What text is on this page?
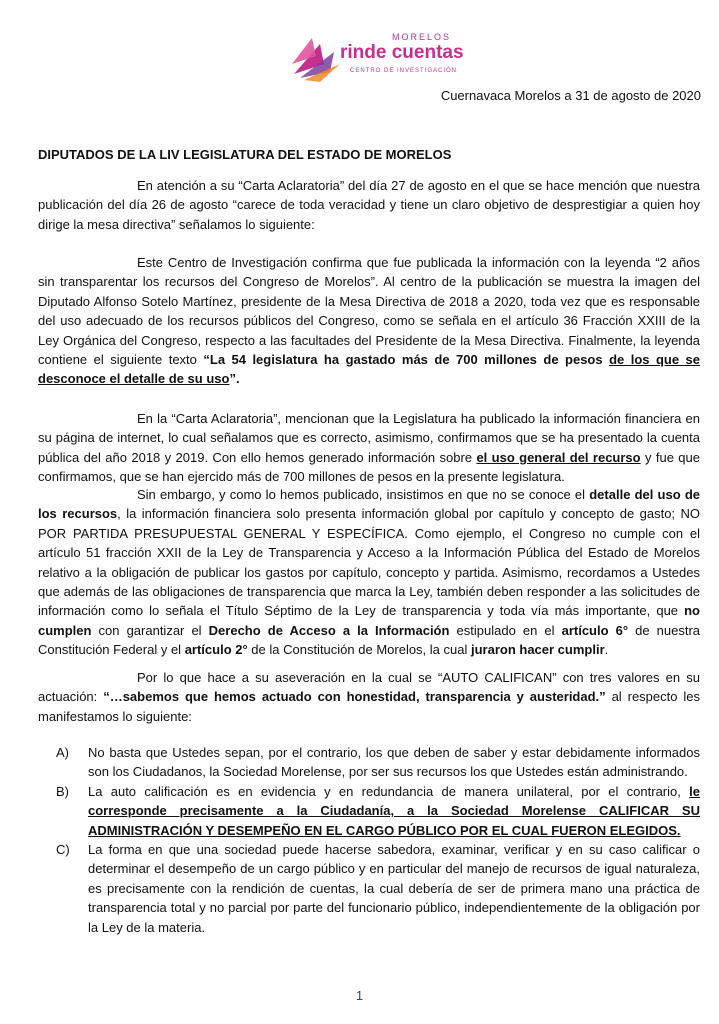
MORELOS
rinde cuentas
CENTRO DE INVESTIGACIÓN
Cuernavaca Morelos a 31 de agosto de 2020
DIPUTADOS DE LA LIV LEGISLATURA DEL ESTADO DE MORELOS
En atención a su “Carta Aclaratoria” del día 27 de agosto en el que se hace mención que nuestra publicación del día 26 de agosto “carece de toda veracidad y tiene un claro objetivo de desprestigiar a quien hoy dirige la mesa directiva” señalamos lo siguiente:
Este Centro de Investigación confirma que fue publicada la información con la leyenda “2 años sin transparentar los recursos del Congreso de Morelos”. Al centro de la publicación se muestra la imagen del Diputado Alfonso Sotelo Martínez, presidente de la Mesa Directiva de 2018 a 2020, toda vez que es responsable del uso adecuado de los recursos públicos del Congreso, como se señala en el artículo 36 Fracción XXIII de la Ley Orgánica del Congreso, respecto a las facultades del Presidente de la Mesa Directiva. Finalmente, la leyenda contiene el siguiente texto “La 54 legislatura ha gastado más de 700 millones de pesos de los que se desconoce el detalle de su uso”.
En la “Carta Aclaratoria”, mencionan que la Legislatura ha publicado la información financiera en su página de internet, lo cual señalamos que es correcto, asimismo, confirmamos que se ha presentado la cuenta pública del año 2018 y 2019. Con ello hemos generado información sobre el uso general del recurso y fue que confirmamos, que se han ejercido más de 700 millones de pesos en la presente legislatura.
Sin embargo, y como lo hemos publicado, insistimos en que no se conoce el detalle del uso de los recursos, la información financiera solo presenta información global por capítulo y concepto de gasto; NO POR PARTIDA PRESUPUESTAL GENERAL Y ESPECÍFICA. Como ejemplo, el Congreso no cumple con el artículo 51 fracción XXII de la Ley de Transparencia y Acceso a la Información Pública del Estado de Morelos relativo a la obligación de publicar los gastos por capítulo, concepto y partida. Asimismo, recordamos a Ustedes que además de las obligaciones de transparencia que marca la Ley, también deben responder a las solicitudes de información como lo señala el Título Séptimo de la Ley de transparencia y toda vía más importante, que no cumplen con garantizar el Derecho de Acceso a la Información estipulado en el artículo 6° de nuestra Constitución Federal y el artículo 2° de la Constitución de Morelos, la cual juraron hacer cumplir.
Por lo que hace a su aseveración en la cual se “AUTO CALIFICAN” con tres valores en su actuación: “…sabemos que hemos actuado con honestidad, transparencia y austeridad.” al respecto les manifestamos lo siguiente:
A) No basta que Ustedes sepan, por el contrario, los que deben de saber y estar debidamente informados son los Ciudadanos, la Sociedad Morelense, por ser sus recursos los que Ustedes están administrando.
B) La auto calificación es en evidencia y en redundancia de manera unilateral, por el contrario, le corresponde precisamente a la Ciudadanía, a la Sociedad Morelense CALIFICAR SU ADMINISTRACIÓN Y DESEMPEÑO EN EL CARGO PÚBLICO POR EL CUAL FUERON ELEGIDOS.
C) La forma en que una sociedad puede hacerse sabedora, examinar, verificar y en su caso calificar o determinar el desempeño de un cargo público y en particular del manejo de recursos de igual naturaleza, es precisamente con la rendición de cuentas, la cual debería de ser de primera mano una práctica de transparencia total y no parcial por parte del funcionario público, independientemente de la obligación por la Ley de la materia.
1
